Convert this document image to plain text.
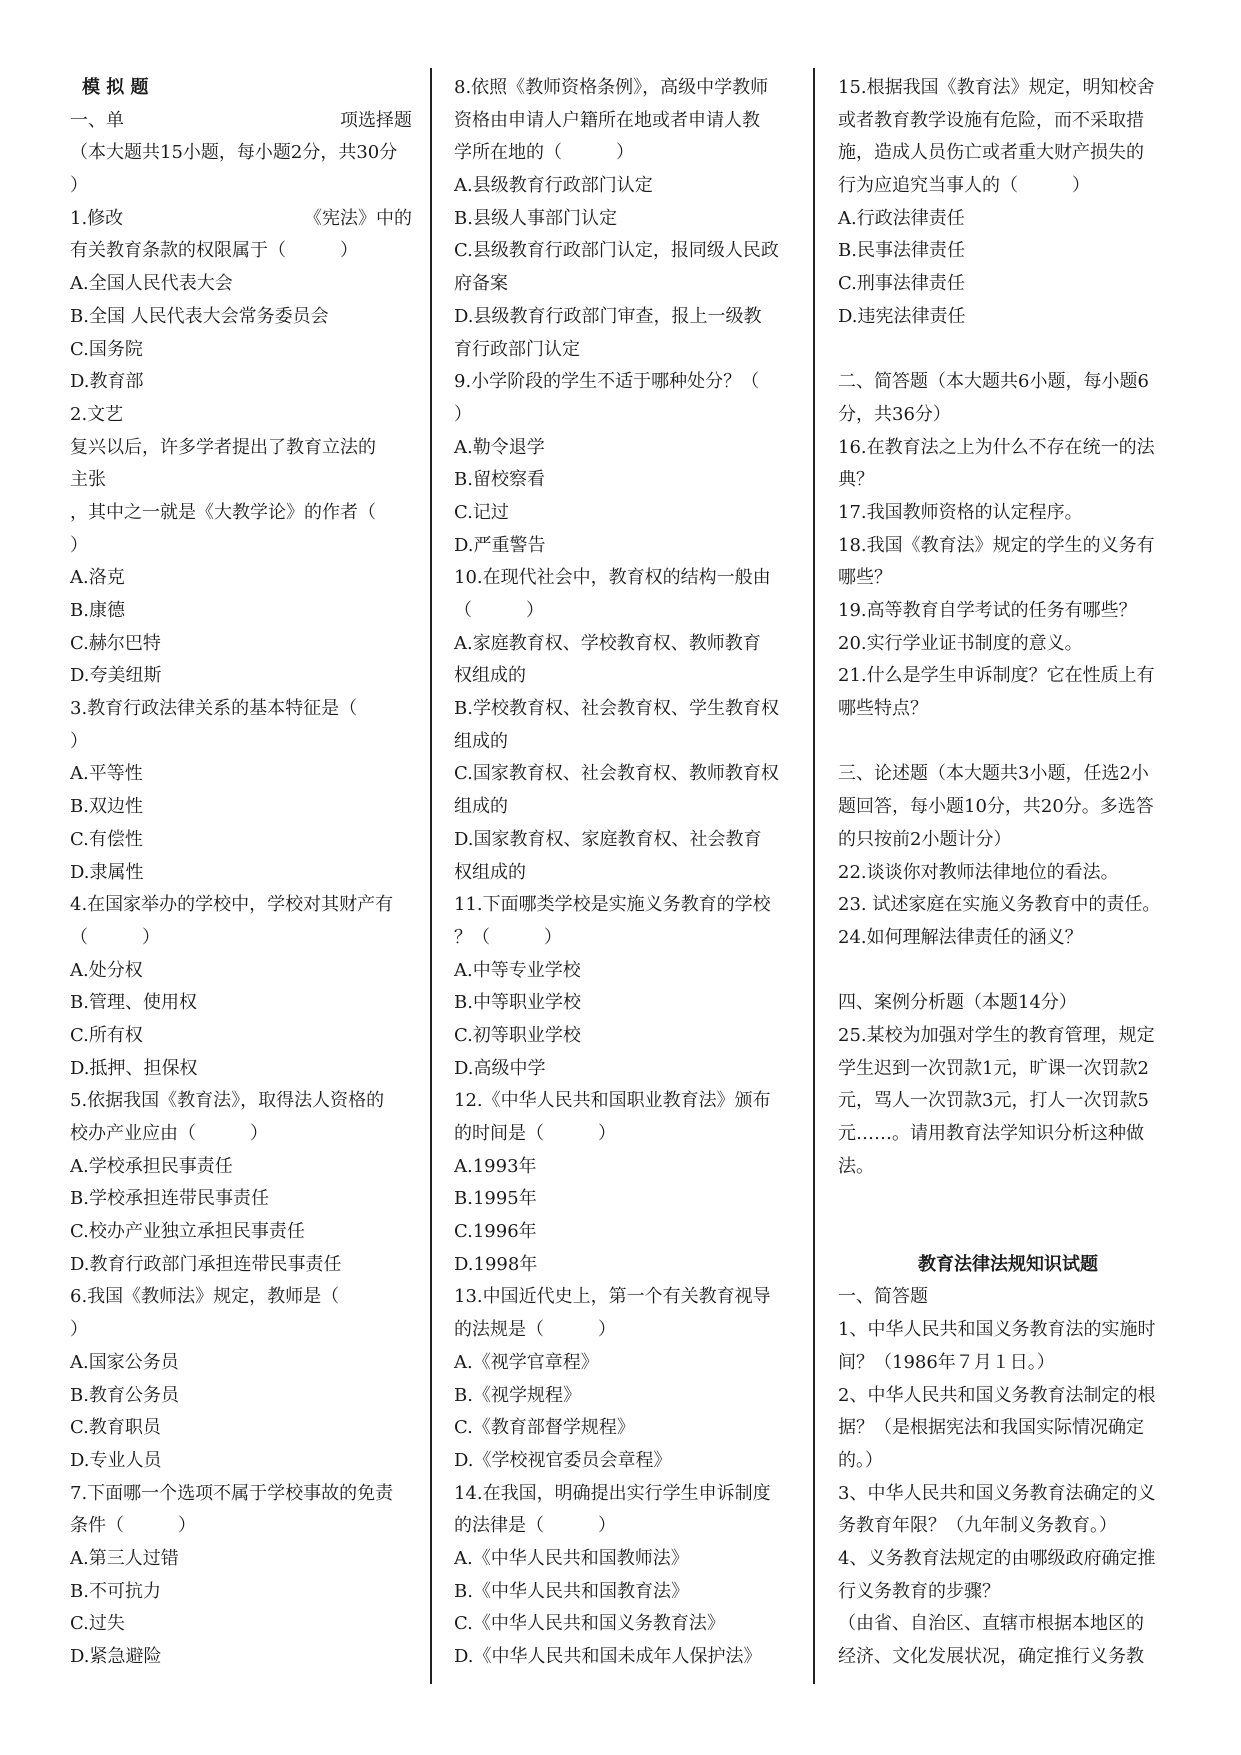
模 拟 题
一、单	项选择题
（本大题共15小题，每小题2分，共30分
）
1.修改	《宪法》中的
有关教育条款的权限属于（　　　）
A.全国人民代表大会
B.全国 人民代表大会常务委员会
C.国务院
D.教育部
2.文艺
复兴以后，许多学者提出了教育立法的
主张
，其中之一就是《大教学论》的作者（
）
A.洛克
B.康德
C.赫尔巴特
D.夸美纽斯
3.教育行政法律关系的基本特征是（
）
A.平等性
B.双边性
C.有偿性
D.隶属性
4.在国家举办的学校中，学校对其财产有
（　　　）
A.处分权
B.管理、使用权
C.所有权
D.抵押、担保权
5.依据我国《教育法》，取得法人资格的
校办产业应由（　　　）
A.学校承担民事责任
B.学校承担连带民事责任
C.校办产业独立承担民事责任
D.教育行政部门承担连带民事责任
6.我国《教师法》规定，教师是（
）
A.国家公务员
B.教育公务员
C.教育职员
D.专业人员
7.下面哪一个选项不属于学校事故的免责
条件（　　　）
A.第三人过错
B.不可抗力
C.过失
D.紧急避险
8.依照《教师资格条例》，高级中学教师
资格由申请人户籍所在地或者申请人教
学所在地的（　　　）
A.县级教育行政部门认定
B.县级人事部门认定
C.县级教育行政部门认定，报同级人民政
府备案
D.县级教育行政部门审查，报上一级教
育行政部门认定
9.小学阶段的学生不适于哪种处分？（
）
A.勒令退学
B.留校察看
C.记过
D.严重警告
10.在现代社会中，教育权的结构一般由
（　　　）
A.家庭教育权、学校教育权、教师教育
权组成的
B.学校教育权、社会教育权、学生教育权
组成的
C.国家教育权、社会教育权、教师教育权
组成的
D.国家教育权、家庭教育权、社会教育
权组成的
11.下面哪类学校是实施义务教育的学校
？（　　　）
A.中等专业学校
B.中等职业学校
C.初等职业学校
D.高级中学
12.《中华人民共和国职业教育法》颁布
的时间是（　　　）
A.1993年
B.1995年
C.1996年
D.1998年
13.中国近代史上，第一个有关教育视导
的法规是（　　　）
A.《视学官章程》
B.《视学规程》
C.《教育部督学规程》
D.《学校视官委员会章程》
14.在我国，明确提出实行学生申诉制度
的法律是（　　　）
A.《中华人民共和国教师法》
B.《中华人民共和国教育法》
C.《中华人民共和国义务教育法》
D.《中华人民共和国未成年人保护法》
15.根据我国《教育法》规定，明知校舍
或者教育教学设施有危险，而不采取措
施，造成人员伤亡或者重大财产损失的
行为应追究当事人的（　　　）
A.行政法律责任
B.民事法律责任
C.刑事法律责任
D.违宪法律责任
二、简答题（本大题共6小题，每小题6
分，共36分）
16.在教育法之上为什么不存在统一的法
典？
17.我国教师资格的认定程序。
18.我国《教育法》规定的学生的义务有
哪些？
19.高等教育自学考试的任务有哪些？
20.实行学业证书制度的意义。
21.什么是学生申诉制度？它在性质上有
哪些特点？
三、论述题（本大题共3小题，任选2小
题回答，每小题10分，共20分。多选答
的只按前2小题计分）
22.谈谈你对教师法律地位的看法。
23. 试述家庭在实施义务教育中的责任。
24.如何理解法律责任的涵义？
四、案例分析题（本题14分）
25.某校为加强对学生的教育管理，规定
学生迟到一次罚款1元，旷课一次罚款2
元，骂人一次罚款3元，打人一次罚款5
元……。请用教育法学知识分析这种做
法。
教育法律法规知识试题
一、简答题
1、中华人民共和国义务教育法的实施时
间？（1986年７月１日。）
2、中华人民共和国义务教育法制定的根
据？（是根据宪法和我国实际情况确定
的。）
3、中华人民共和国义务教育法确定的义
务教育年限？（九年制义务教育。）
4、义务教育法规定的由哪级政府确定推
行义务教育的步骤？
（由省、自治区、直辖市根据本地区的
经济、文化发展状况，确定推行义务教
